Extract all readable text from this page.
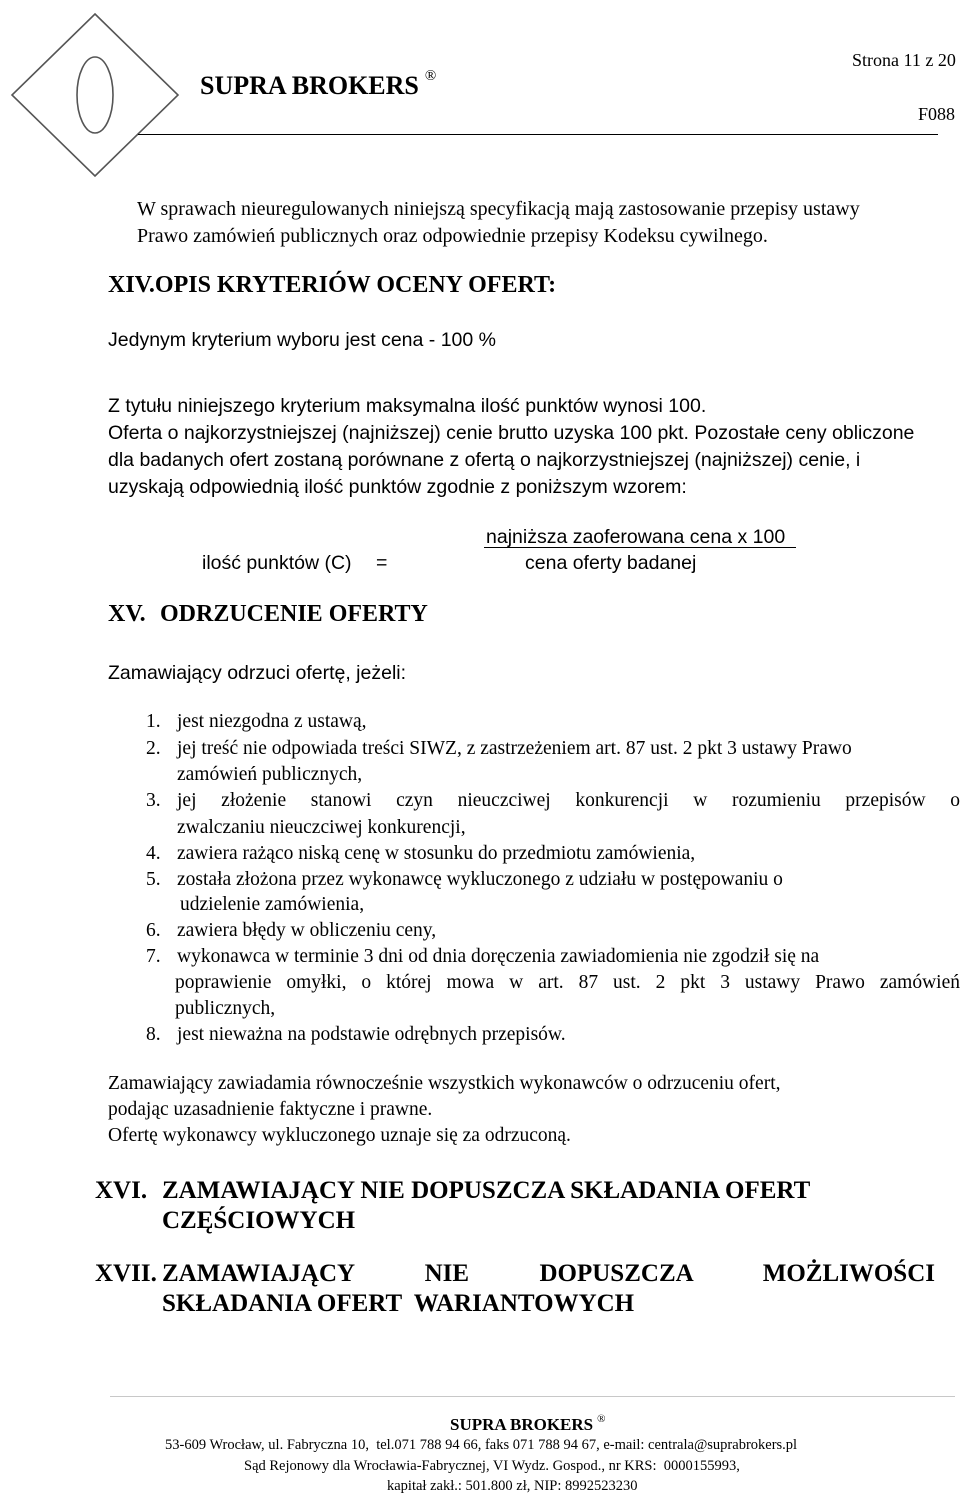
SUPRA BROKERS ®
Strona 11 z 20
F088
W sprawach nieuregulowanych niniejszą specyfikacją mają zastosowanie przepisy ustawy
Prawo zamówień publicznych oraz odpowiednie przepisy Kodeksu cywilnego.
XIV.OPIS KRYTERIÓW OCENY OFERT:
Jedynym kryterium wyboru jest cena - 100 %
Z tytułu niniejszego kryterium maksymalna ilość punktów wynosi 100.
Oferta o najkorzystniejszej (najniższej) cenie brutto uzyska 100 pkt. Pozostałe ceny obliczone
dla badanych ofert zostaną porównane z ofertą o najkorzystniejszej (najniższej) cenie, i
uzyskają odpowiednią ilość punktów zgodnie z poniższym wzorem:
najniższa zaoferowana cena x 100
ilość punktów (C) =	cena oferty badanej
XV. ODRZUCENIE OFERTY
Zamawiający odrzuci ofertę, jeżeli:
1. jest niezgodna z ustawą,
2. jej treść nie odpowiada treści SIWZ, z zastrzeżeniem art. 87 ust. 2 pkt 3 ustawy Prawo
zamówień publicznych,
3. jej złożenie stanowi czyn nieuczciwej konkurencji w rozumieniu przepisów o
zwalczaniu nieuczciwej konkurencji,
4. zawiera rażąco niską cenę w stosunku do przedmiotu zamówienia,
5. została złożona przez wykonawcę wykluczonego z udziału w postępowaniu o
udzielenie zamówienia,
6. zawiera błędy w obliczeniu ceny,
7. wykonawca w terminie 3 dni od dnia doręczenia zawiadomienia nie zgodził się na
poprawienie omyłki, o której mowa w art. 87 ust. 2 pkt 3 ustawy Prawo zamówień
publicznych,
8. jest nieważna na podstawie odrębnych przepisów.
Zamawiający zawiadamia równocześnie wszystkich wykonawców o odrzuceniu ofert,
podając uzasadnienie faktyczne i prawne.
Ofertę wykonawcy wykluczonego uznaje się za odrzuconą.
XVI. ZAMAWIAJĄCY NIE DOPUSZCZA SKŁADANIA OFERT
CZĘŚCIOWYCH
XVII. ZAMAWIAJĄCY NIE DOPUSZCZA MOŻLIWOŚCI
SKŁADANIA OFERT  WARIANTOWYCH
SUPRA BROKERS ®
53-609 Wrocław, ul. Fabryczna 10,  tel.071 788 94 66, faks 071 788 94 67, e-mail: centrala@suprabrokers.pl
Sąd Rejonowy dla Wrocławia-Fabrycznej, VI Wydz. Gospod., nr KRS:  0000155993,
kapitał zakł.: 501.800 zł, NIP: 8992523230
